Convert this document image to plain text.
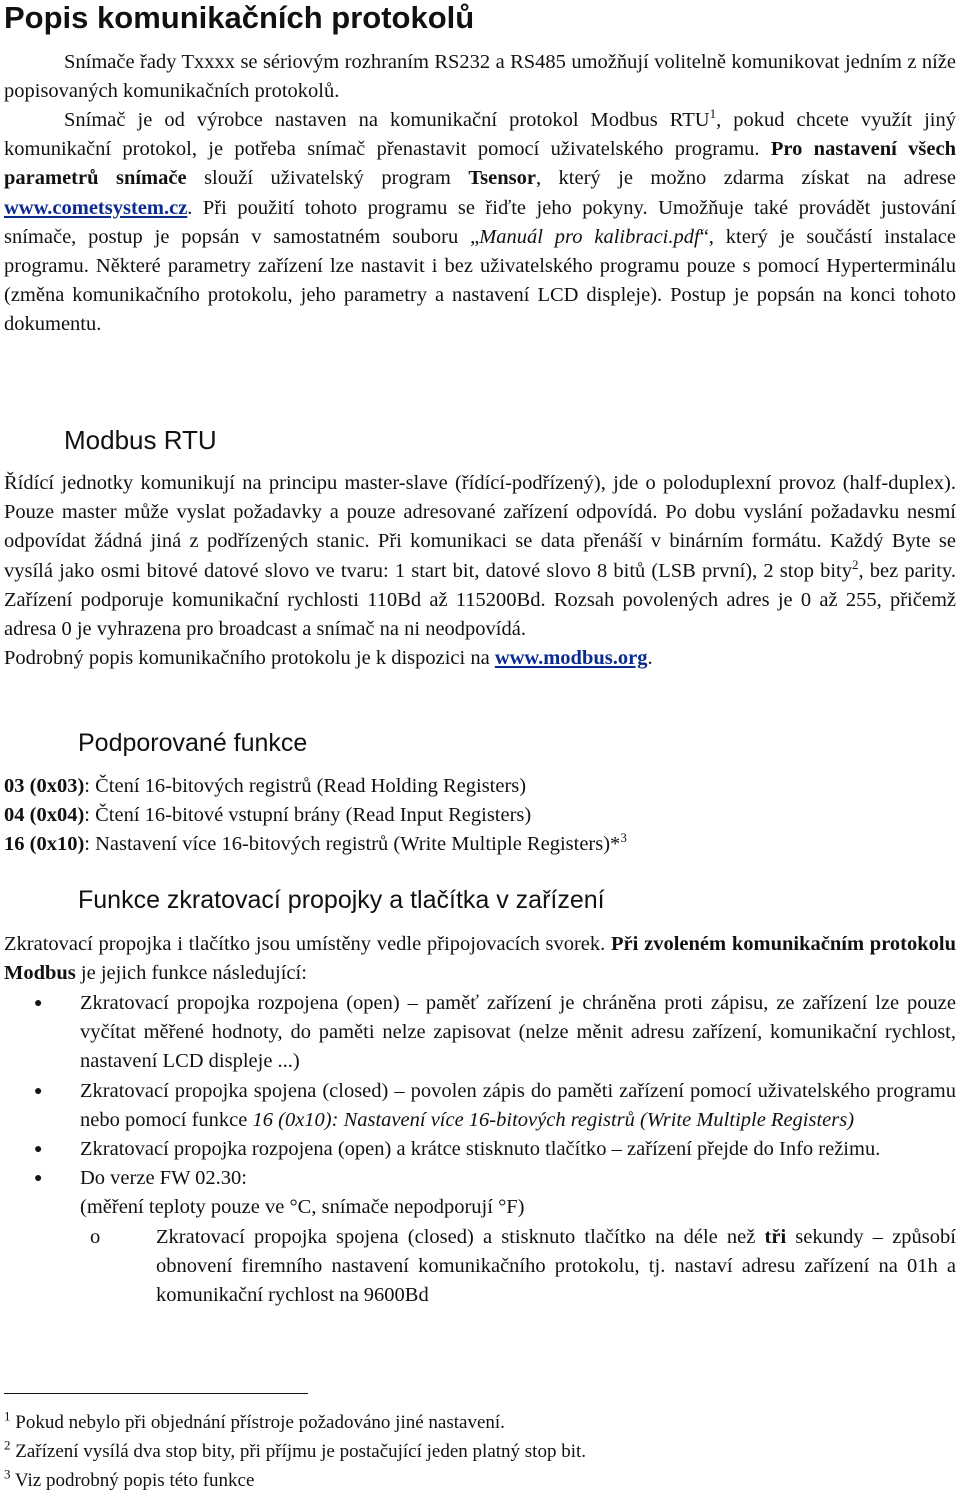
Popis komunikačních protokolů

Snímače řady Txxxx se sériovým rozhraním RS232 a RS485 umožňují volitelně komunikovat jedním z níže popisovaných komunikačních protokolů.

Snímač je od výrobce nastaven na komunikační protokol Modbus RTU$^1$, pokud chcete využít jiný komunikační protokol, je potřeba snímač přenastavit pomocí uživatelského programu. Pro nastavení všech parametrů snímače slouží uživatelský program Tsensor, který je možno zdarma získat na adrese www.cometsystem.cz. Při použití tohoto programu se řiďte jeho pokyny. Umožňuje také provádět justování snímače, postup je popsán v samostatném souboru „Manuál pro kalibraci.pdf“, který je součástí instalace programu. Některé parametry zařízení lze nastavit i bez uživatelského programu pouze s pomocí Hyperterminálu (změna komunikačního protokolu, jeho parametry a nastavení LCD displeje). Postup je popsán na konci tohoto dokumentu.

Modbus RTU

Řídící jednotky komunikují na principu master-slave (řídící-podřízený), jde o poloduplexní provoz (half-duplex). Pouze master může vyslat požadavky a pouze adresované zařízení odpovídá. Po dobu vyslání požadavku nesmí odpovídat žádná jiná z podřízených stanic. Při komunikaci se data přenáší v binárním formátu. Každý Byte se vysílá jako osmi bitové datové slovo ve tvaru: 1 start bit, datové slovo 8 bitů (LSB první), 2 stop bity$^2$, bez parity. Zařízení podporuje komunikační rychlosti 110Bd až 115200Bd. Rozsah povolených adres je 0 až 255, přičemž adresa 0 je vyhrazena pro broadcast a snímač na ni neodpovídá.
Podrobný popis komunikačního protokolu je k dispozici na www.modbus.org.

Podporované funkce

03 (0x03): Čtení 16-bitových registrů (Read Holding Registers)

04 (0x04): Čtení 16-bitové vstupní brány (Read Input Registers)

16 (0x10): Nastavení více 16-bitových registrů (Write Multiple Registers)*$^3$

Funkce zkratovací propojky a tlačítka v zařízení

Zkratovací propojka i tlačítko jsou umístěny vedle připojovacích svorek. Při zvoleném komunikačním protokolu Modbus je jejich funkce následující:

● Zkratovací propojka rozpojena (open) – paměť zařízení je chráněna proti zápisu, ze zařízení lze pouze vyčítat měřené hodnoty, do paměti nelze zapisovat (nelze měnit adresu zařízení, komunikační rychlost, nastavení LCD displeje ...)
● Zkratovací propojka spojena (closed) – povolen zápis do paměti zařízení pomocí uživatelského programu nebo pomocí funkce 16 (0x10): Nastavení více 16-bitových registrů (Write Multiple Registers)
● Zkratovací propojka rozpojena (open) a krátce stisknuto tlačítko – zařízení přejde do Info režimu.
● Do verze FW 02.30:
(měření teploty pouze ve °C, snímače nepodporují °F)
o Zkratovací propojka spojena (closed) a stisknuto tlačítko na déle než tři sekundy – způsobí obnovení firemního nastavení komunikačního protokolu, tj. nastaví adresu zařízení na 01h a komunikační rychlost na 9600Bd

$^1$ Pokud nebylo při objednání přístroje požadováno jiné nastavení.

$^2$ Zařízení vysílá dva stop bity, při příjmu je postačující jeden platný stop bit.

$^3$ Viz podrobný popis této funkce
